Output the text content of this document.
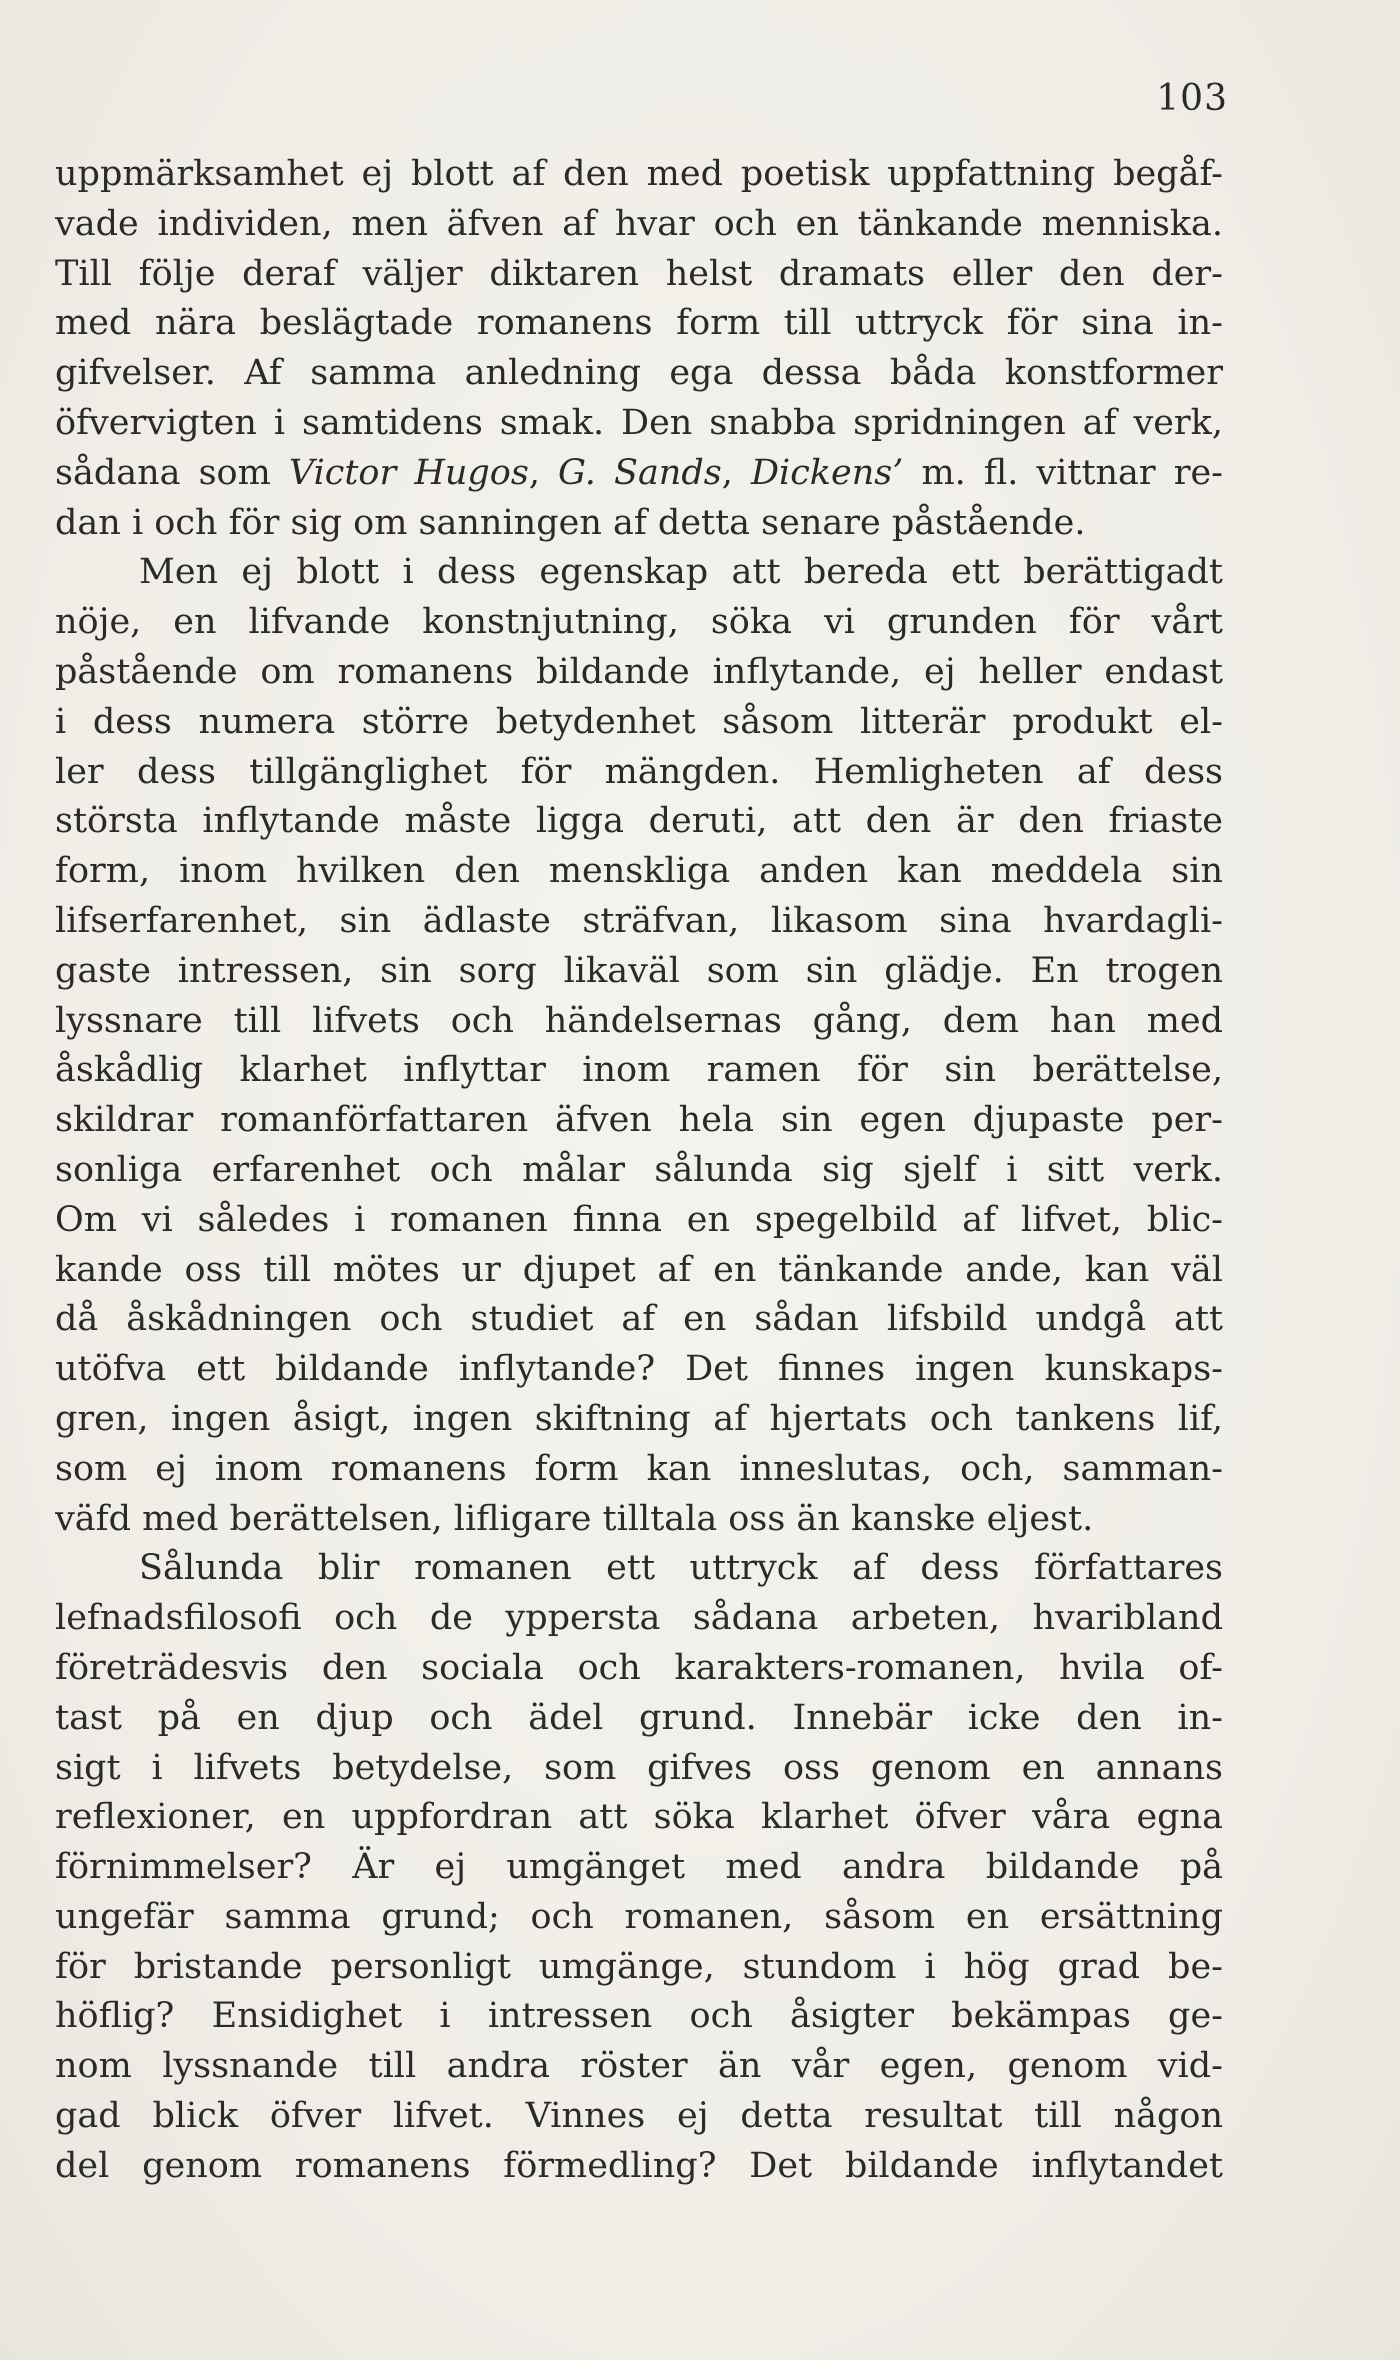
103
uppmärksamhet ej blott af den med poetisk uppfattning begåf-
vade individen, men äfven af hvar och en tänkande menniska.
Till följe deraf väljer diktaren helst dramats eller den der-
med nära beslägtade romanens form till uttryck för sina in-
gifvelser. Af samma anledning ega dessa båda konstformer
öfvervigten i samtidens smak. Den snabba spridningen af verk,
sådana som Victor Hugos, G. Sands, Dickens’ m. fl. vittnar re-
dan i och för sig om sanningen af detta senare påstående.
Men ej blott i dess egenskap att bereda ett berättigadt
nöje, en lifvande konstnjutning, söka vi grunden för vårt
påstående om romanens bildande inflytande, ej heller endast
i dess numera större betydenhet såsom litterär produkt el-
ler dess tillgänglighet för mängden. Hemligheten af dess
största inflytande måste ligga deruti, att den är den friaste
form, inom hvilken den menskliga anden kan meddela sin
lifserfarenhet, sin ädlaste sträfvan, likasom sina hvardagli-
gaste intressen, sin sorg likaväl som sin glädje. En trogen
lyssnare till lifvets och händelsernas gång, dem han med
åskådlig klarhet inflyttar inom ramen för sin berättelse,
skildrar romanförfattaren äfven hela sin egen djupaste per-
sonliga erfarenhet och målar sålunda sig sjelf i sitt verk.
Om vi således i romanen finna en spegelbild af lifvet, blic-
kande oss till mötes ur djupet af en tänkande ande, kan väl
då åskådningen och studiet af en sådan lifsbild undgå att
utöfva ett bildande inflytande? Det finnes ingen kunskaps-
gren, ingen åsigt, ingen skiftning af hjertats och tankens lif,
som ej inom romanens form kan inneslutas, och, samman-
väfd med berättelsen, lifligare tilltala oss än kanske eljest.
Sålunda blir romanen ett uttryck af dess författares
lefnadsfilosofi och de yppersta sådana arbeten, hvaribland
företrädesvis den sociala och karakters-romanen, hvila of-
tast på en djup och ädel grund. Innebär icke den in-
sigt i lifvets betydelse, som gifves oss genom en annans
reflexioner, en uppfordran att söka klarhet öfver våra egna
förnimmelser? Är ej umgänget med andra bildande på
ungefär samma grund; och romanen, såsom en ersättning
för bristande personligt umgänge, stundom i hög grad be-
höflig? Ensidighet i intressen och åsigter bekämpas ge-
nom lyssnande till andra röster än vår egen, genom vid-
gad blick öfver lifvet. Vinnes ej detta resultat till någon
del genom romanens förmedling? Det bildande inflytandet
